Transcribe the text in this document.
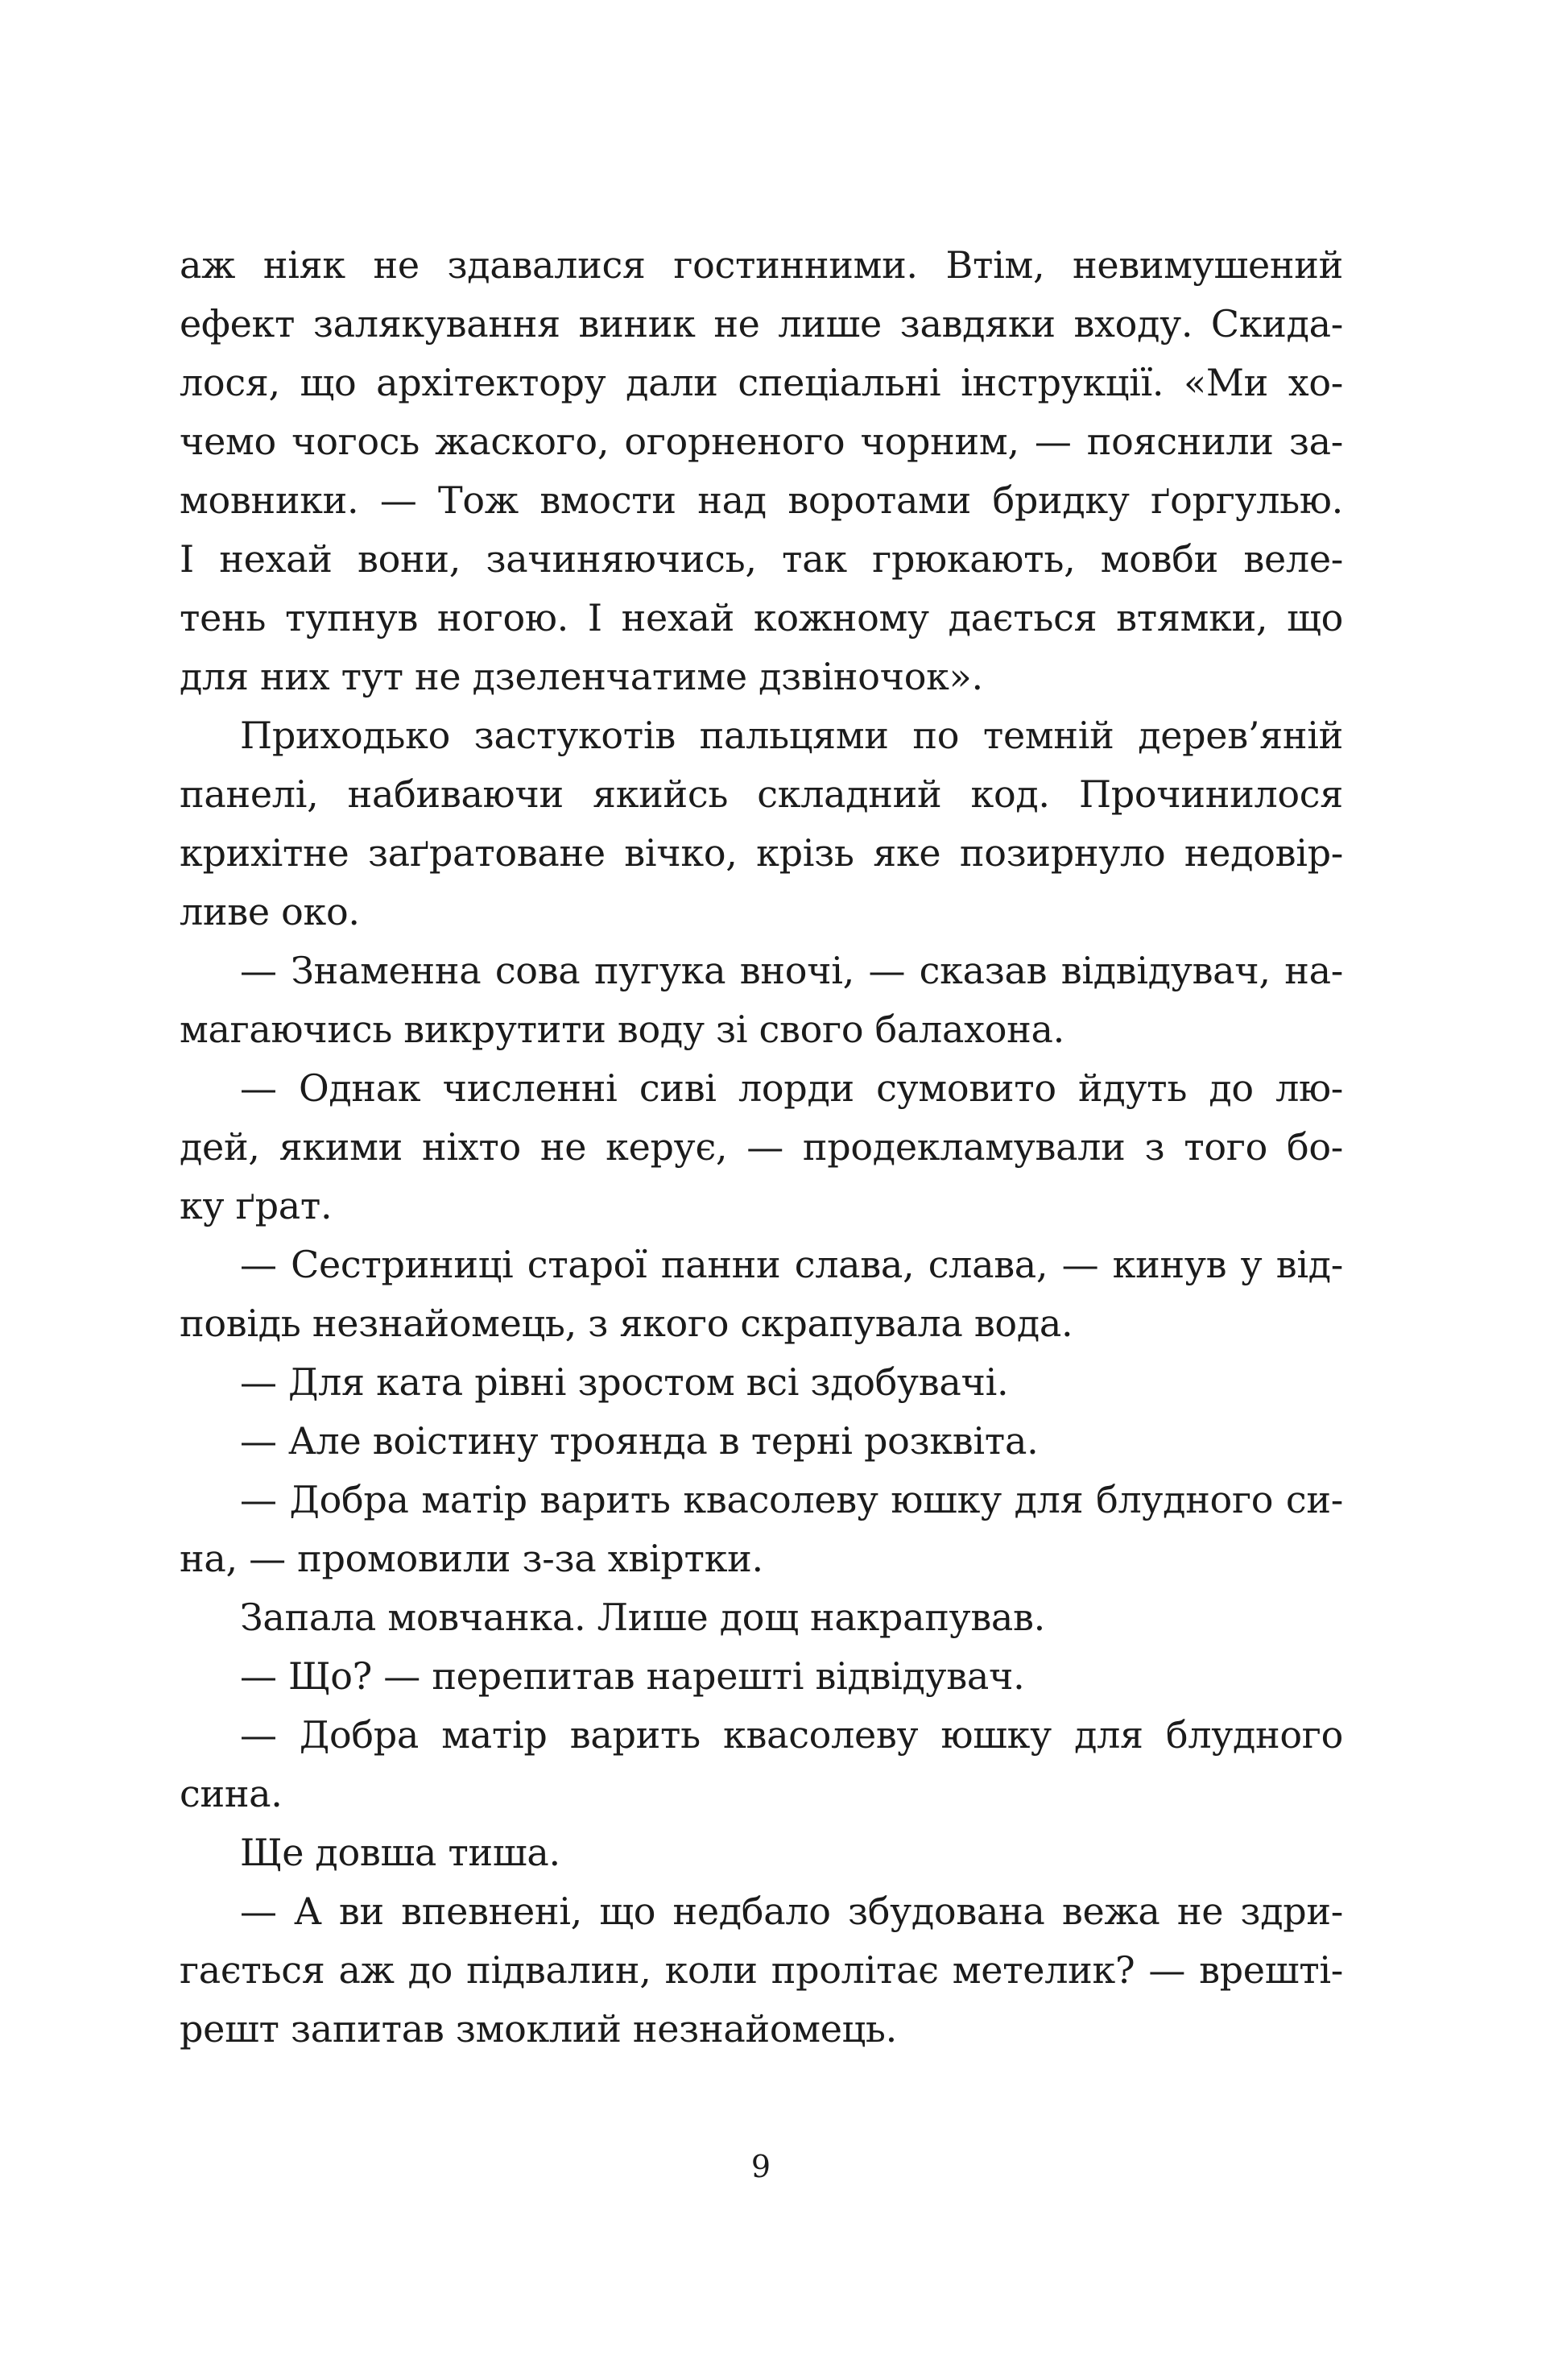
аж ніяк не здавалися гостинними. Втім, невимушений
ефект залякування виник не лише завдяки входу. Скида-
лося, що архітектору дали спеціальні інструкції. «Ми хо-
чемо чогось жаского, огорненого чорним, — пояснили за-
мовники. — Тож вмости над воротами бридку ґоргулью.
І нехай вони, зачиняючись, так грюкають, мовби веле-
тень тупнув ногою. І нехай кожному дається втямки, що
для них тут не дзеленчатиме дзвіночок».
Приходько застукотів пальцями по темній дерев’яній
панелі, набиваючи якийсь складний код. Прочинилося
крихітне заґратоване вічко, крізь яке позирнуло недовір-
ливе око.
— Знаменна сова пугука вночі, — сказав відвідувач, на-
магаючись викрутити воду зі свого балахона.
— Однак численні сиві лорди сумовито йдуть до лю-
дей, якими ніхто не керує, — продекламували з того бо-
ку ґрат.
— Сестриниці старої панни слава, слава, — кинув у від-
повідь незнайомець, з якого скрапувала вода.
— Для ката рівні зростом всі здобувачі.
— Але воістину троянда в терні розквіта.
— Добра матір варить квасолеву юшку для блудного си-
на, — промовили з-за хвіртки.
Запала мовчанка. Лише дощ накрапував.
— Що? — перепитав нарешті відвідувач.
— Добра матір варить квасолеву юшку для блудного
сина.
Ще довша тиша.
— А ви впевнені, що недбало збудована вежа не здри-
гається аж до підвалин, коли пролітає метелик? — врешті-
решт запитав змоклий незнайомець.
9
